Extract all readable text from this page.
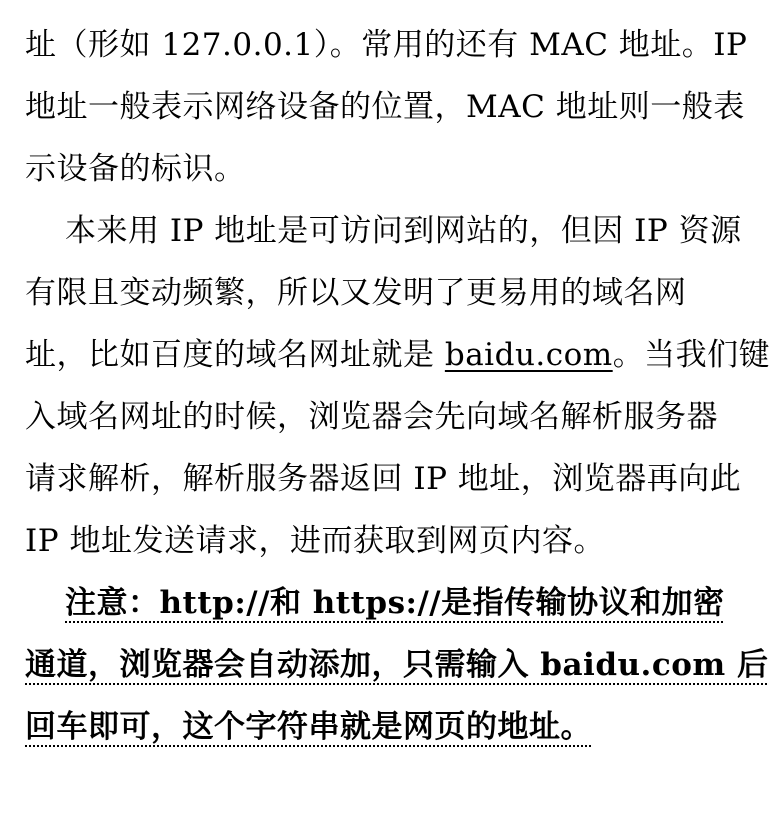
址（形如 127.0.0.1）。常用的还有 MAC 地址。IP
地址一般表示网络设备的位置，MAC 地址则一般表
示设备的标识。
本来用 IP 地址是可访问到网站的，但因 IP 资源
有限且变动频繁，所以又发明了更易用的域名网
址，比如百度的域名网址就是 baidu.com。当我们键
入域名网址的时候，浏览器会先向域名解析服务器
请求解析，解析服务器返回 IP 地址，浏览器再向此
IP 地址发送请求，进而获取到网页内容。
注意：http://和 https://是指传输协议和加密
通道，浏览器会自动添加，只需输入 baidu.com 后
回车即可，这个字符串就是网页的地址。
